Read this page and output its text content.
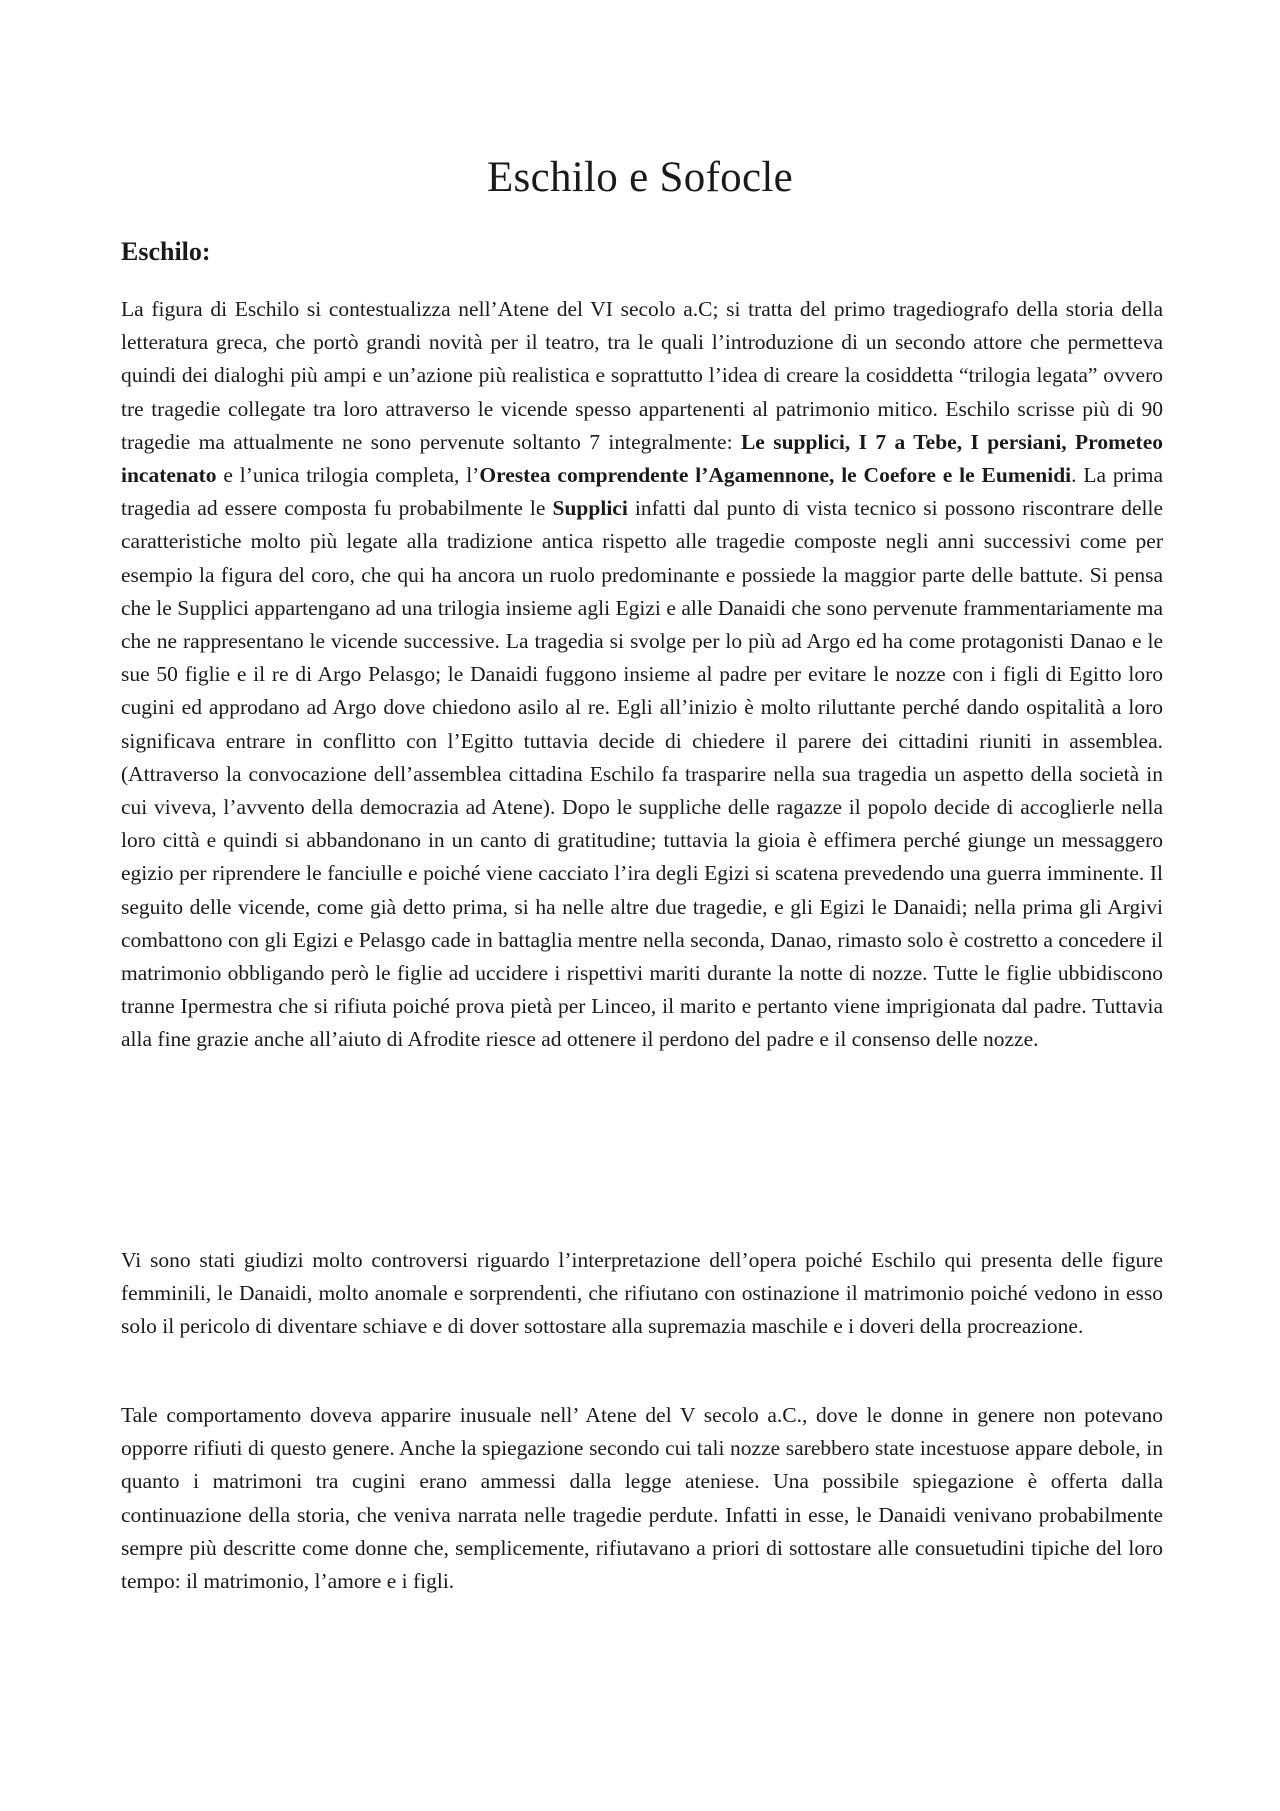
Eschilo e Sofocle
Eschilo:

La figura di Eschilo si contestualizza nell’Atene del VI secolo a.C; si tratta del primo tragediografo della storia della letteratura greca, che portò grandi novità per il teatro, tra le quali l’introduzione di un secondo attore che permetteva quindi dei dialoghi più ampi e un’azione più realistica e soprattutto l’idea di creare la cosiddetta “trilogia legata” ovvero tre tragedie collegate tra loro attraverso le vicende spesso appartenenti al patrimonio mitico. Eschilo scrisse più di 90 tragedie ma attualmente ne sono pervenute soltanto 7 integralmente: Le supplici, I 7 a Tebe, I persiani, Prometeo incatenato e l’unica trilogia completa, l’Orestea comprendente l’Agamennone, le Coefore e le Eumenidi. La prima tragedia ad essere composta fu probabilmente le Supplici infatti dal punto di vista tecnico si possono riscontrare delle caratteristiche molto più legate alla tradizione antica rispetto alle tragedie composte negli anni successivi come per esempio la figura del coro, che qui ha ancora un ruolo predominante e possiede la maggior parte delle battute. Si pensa che le Supplici appartengano ad una trilogia insieme agli Egizi e alle Danaidi che sono pervenute frammentariamente ma che ne rappresentano le vicende successive. La tragedia si svolge per lo più ad Argo ed ha come protagonisti Danao e le sue 50 figlie e il re di Argo Pelasgo; le Danaidi fuggono insieme al padre per evitare le nozze con i figli di Egitto loro cugini ed approdano ad Argo dove chiedono asilo al re. Egli all’inizio è molto riluttante perché dando ospitalità a loro significava entrare in conflitto con l’Egitto tuttavia decide di chiedere il parere dei cittadini riuniti in assemblea. (Attraverso la convocazione dell’assemblea cittadina Eschilo fa trasparire nella sua tragedia un aspetto della società in cui viveva, l’avvento della democrazia ad Atene). Dopo le suppliche delle ragazze il popolo decide di accoglierle nella loro città e quindi si abbandonano in un canto di gratitudine; tuttavia la gioia è effimera perché giunge un messaggero egizio per riprendere le fanciulle e poiché viene cacciato l’ira degli Egizi si scatena prevedendo una guerra imminente. Il seguito delle vicende, come già detto prima, si ha nelle altre due tragedie, e gli Egizi le Danaidi; nella prima gli Argivi combattono con gli Egizi e Pelasgo cade in battaglia mentre nella seconda, Danao, rimasto solo è costretto a concedere il matrimonio obbligando però le figlie ad uccidere i rispettivi mariti durante la notte di nozze. Tutte le figlie ubbidiscono tranne Ipermestra che si rifiuta poiché prova pietà per Linceo, il marito e pertanto viene imprigionata dal padre. Tuttavia alla fine grazie anche all’aiuto di Afrodite riesce ad ottenere il perdono del padre e il consenso delle nozze.

Vi sono stati giudizi molto controversi riguardo l’interpretazione dell’opera poiché Eschilo qui presenta delle figure femminili, le Danaidi, molto anomale e sorprendenti, che rifiutano con ostinazione il matrimonio poiché vedono in esso solo il pericolo di diventare schiave e di dover sottostare alla supremazia maschile e i doveri della procreazione.

Tale comportamento doveva apparire inusuale nell’ Atene del V secolo a.C., dove le donne in genere non potevano opporre rifiuti di questo genere. Anche la spiegazione secondo cui tali nozze sarebbero state incestuose appare debole, in quanto i matrimoni tra cugini erano ammessi dalla legge ateniese. Una possibile spiegazione è offerta dalla continuazione della storia, che veniva narrata nelle tragedie perdute. Infatti in esse, le Danaidi venivano probabilmente sempre più descritte come donne che, semplicemente, rifiutavano a priori di sottostare alle consuetudini tipiche del loro tempo: il matrimonio, l’amore e i figli.
